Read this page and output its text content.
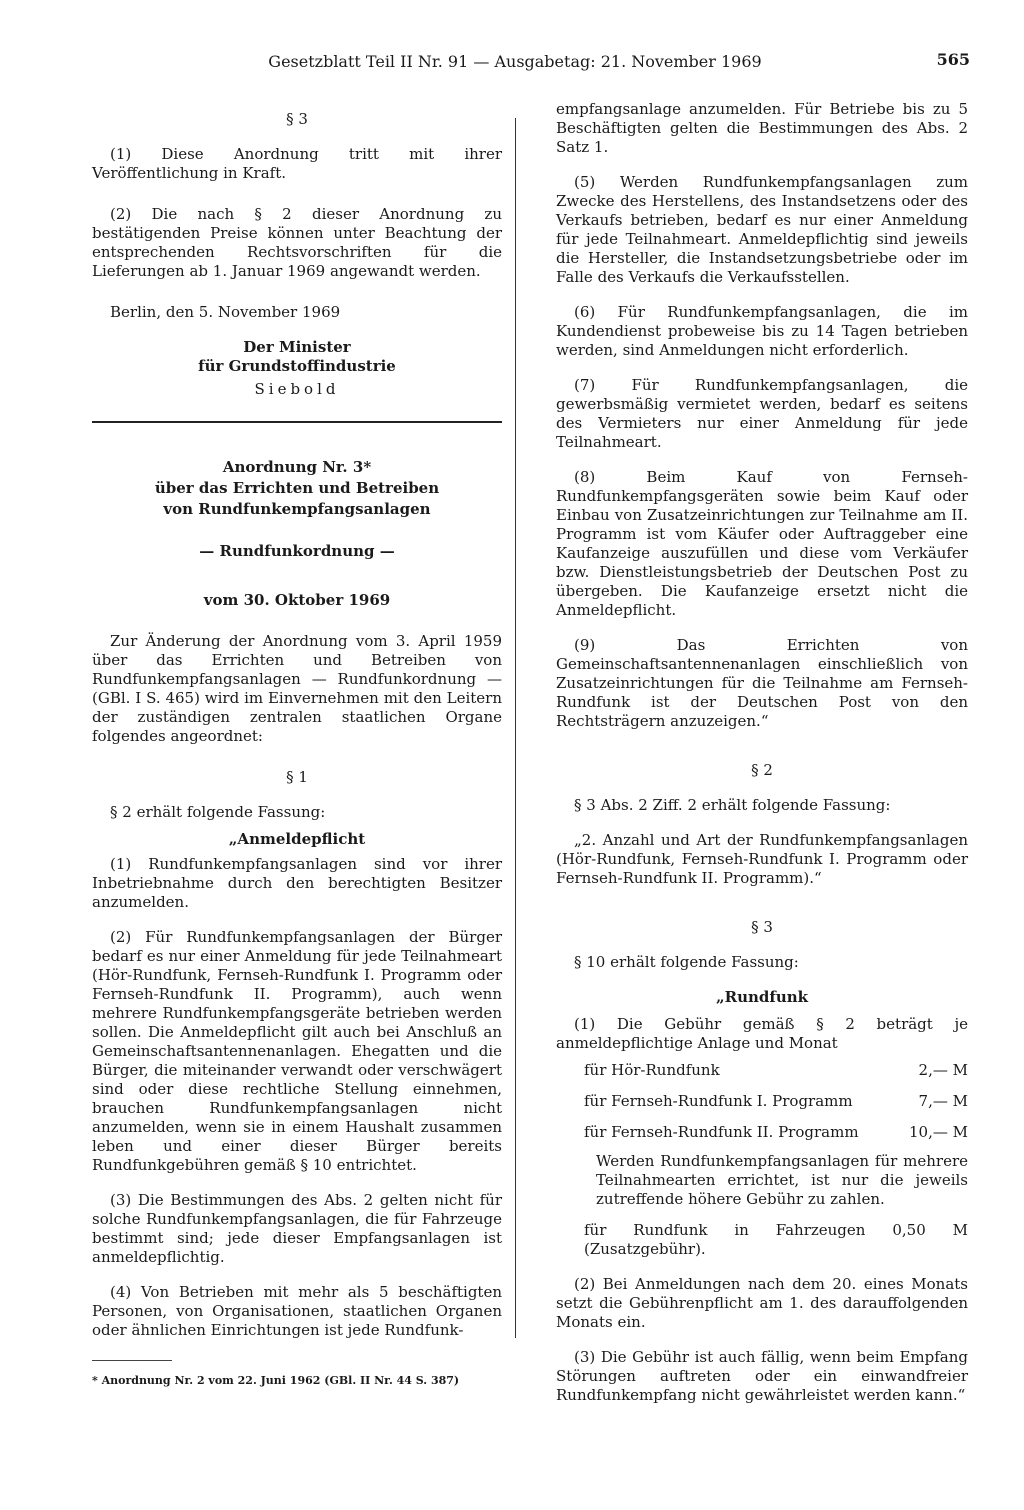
Gesetzblatt Teil II Nr. 91 — Ausgabetag: 21. November 1969	565

§ 3

(1) Diese Anordnung tritt mit ihrer Veröffentlichung in Kraft.

(2) Die nach § 2 dieser Anordnung zu bestätigenden Preise können unter Beachtung der entsprechenden Rechtsvorschriften für die Lieferungen ab 1. Januar 1969 angewandt werden.

Berlin, den 5. November 1969

Der Minister

für Grundstoffindustrie

Siebold

Anordnung Nr. 3*
über das Errichten und Betreiben
von Rundfunkempfangsanlagen

— Rundfunkordnung —

vom 30. Oktober 1969

Zur Änderung der Anordnung vom 3. April 1959 über das Errichten und Betreiben von Rundfunkempfangsanlagen — Rundfunkordnung — (GBl. I S. 465) wird im Einvernehmen mit den Leitern der zuständigen zentralen staatlichen Organe folgendes angeordnet:

§ 1

§ 2 erhält folgende Fassung:

„Anmeldepflicht

(1) Rundfunkempfangsanlagen sind vor ihrer Inbetriebnahme durch den berechtigten Besitzer anzumelden.

(2) Für Rundfunkempfangsanlagen der Bürger bedarf es nur einer Anmeldung für jede Teilnahmeart (Hör-Rundfunk, Fernseh-Rundfunk I. Programm oder Fernseh-Rundfunk II. Programm), auch wenn mehrere Rundfunkempfangsgeräte betrieben werden sollen. Die Anmeldepflicht gilt auch bei Anschluß an Gemeinschaftsantennenanlagen. Ehegatten und die Bürger, die miteinander verwandt oder verschwägert sind oder diese rechtliche Stellung einnehmen, brauchen Rundfunkempfangsanlagen nicht anzumelden, wenn sie in einem Haushalt zusammen leben und einer dieser Bürger bereits Rundfunkgebühren gemäß § 10 entrichtet.

(3) Die Bestimmungen des Abs. 2 gelten nicht für solche Rundfunkempfangsanlagen, die für Fahrzeuge bestimmt sind; jede dieser Empfangsanlagen ist anmeldepflichtig.

(4) Von Betrieben mit mehr als 5 beschäftigten Personen, von Organisationen, staatlichen Organen oder ähnlichen Einrichtungen ist jede Rundfunk-

* Anordnung Nr. 2 vom 22. Juni 1962 (GBl. II Nr. 44 S. 387)

empfangsanlage anzumelden. Für Betriebe bis zu 5 Beschäftigten gelten die Bestimmungen des Abs. 2 Satz 1.

(5) Werden Rundfunkempfangsanlagen zum Zwecke des Herstellens, des Instandsetzens oder des Verkaufs betrieben, bedarf es nur einer Anmeldung für jede Teilnahmeart. Anmeldepflichtig sind jeweils die Hersteller, die Instandsetzungsbetriebe oder im Falle des Verkaufs die Verkaufsstellen.

(6) Für Rundfunkempfangsanlagen, die im Kundendienst probeweise bis zu 14 Tagen betrieben werden, sind Anmeldungen nicht erforderlich.

(7) Für Rundfunkempfangsanlagen, die gewerbsmäßig vermietet werden, bedarf es seitens des Vermieters nur einer Anmeldung für jede Teilnahmeart.

(8) Beim Kauf von Fernseh-Rundfunkempfangsgeräten sowie beim Kauf oder Einbau von Zusatzeinrichtungen zur Teilnahme am II. Programm ist vom Käufer oder Auftraggeber eine Kaufanzeige auszufüllen und diese vom Verkäufer bzw. Dienstleistungsbetrieb der Deutschen Post zu übergeben. Die Kaufanzeige ersetzt nicht die Anmeldepflicht.

(9) Das Errichten von Gemeinschaftsantennenanlagen einschließlich von Zusatzeinrichtungen für die Teilnahme am Fernseh-Rundfunk ist der Deutschen Post von den Rechtsträgern anzuzeigen.“

§ 2

§ 3 Abs. 2 Ziff. 2 erhält folgende Fassung:

„2. Anzahl und Art der Rundfunkempfangsanlagen (Hör-Rundfunk, Fernseh-Rundfunk I. Programm oder Fernseh-Rundfunk II. Programm).“

§ 3

§ 10 erhält folgende Fassung:

„Rundfunk

(1) Die Gebühr gemäß § 2 beträgt je anmeldepflichtige Anlage und Monat

für Hör-Rundfunk	2,— M
für Fernseh-Rundfunk I. Programm	7,— M
für Fernseh-Rundfunk II. Programm	10,— M

Werden Rundfunkempfangsanlagen für mehrere Teilnahmearten errichtet, ist nur die jeweils zutreffende höhere Gebühr zu zahlen.

für Rundfunk in Fahrzeugen 0,50 M (Zusatzgebühr).

(2) Bei Anmeldungen nach dem 20. eines Monats setzt die Gebührenpflicht am 1. des darauffolgenden Monats ein.

(3) Die Gebühr ist auch fällig, wenn beim Empfang Störungen auftreten oder ein einwandfreier Rundfunkempfang nicht gewährleistet werden kann.“
